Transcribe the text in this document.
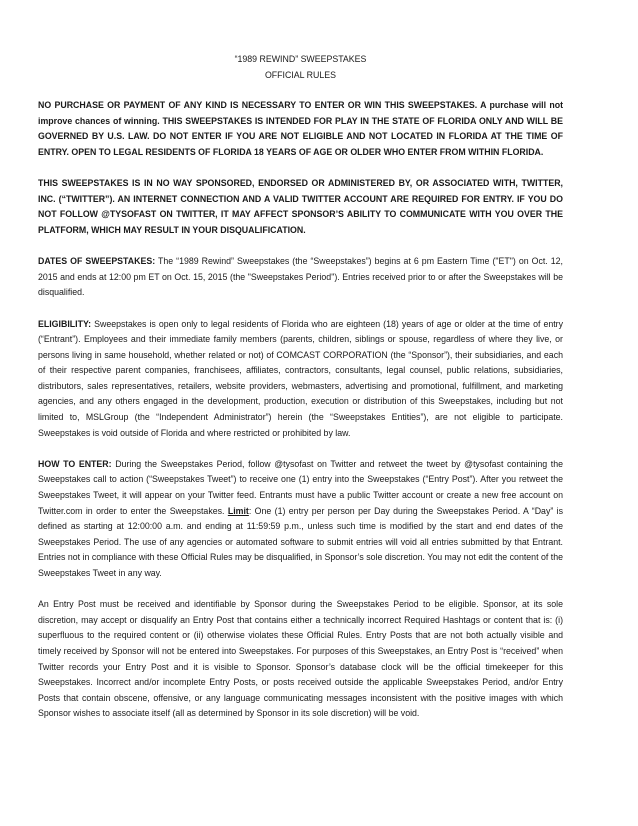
“1989 REWIND” SWEEPSTAKES

OFFICIAL RULES

NO PURCHASE OR PAYMENT OF ANY KIND IS NECESSARY TO ENTER OR WIN THIS SWEEPSTAKES. A purchase will not improve chances of winning. THIS SWEEPSTAKES IS INTENDED FOR PLAY IN THE STATE OF FLORIDA ONLY AND WILL BE GOVERNED BY U.S. LAW. DO NOT ENTER IF YOU ARE NOT ELIGIBLE AND NOT LOCATED IN FLORIDA AT THE TIME OF ENTRY. OPEN TO LEGAL RESIDENTS OF FLORIDA 18 YEARS OF AGE OR OLDER WHO ENTER FROM WITHIN FLORIDA.

THIS SWEEPSTAKES IS IN NO WAY SPONSORED, ENDORSED OR ADMINISTERED BY, OR ASSOCIATED WITH, TWITTER, INC. (“TWITTER”). AN INTERNET CONNECTION AND A VALID TWITTER ACCOUNT ARE REQUIRED FOR ENTRY. IF YOU DO NOT FOLLOW @TYSOFAST ON TWITTER, IT MAY AFFECT SPONSOR’S ABILITY TO COMMUNICATE WITH YOU OVER THE PLATFORM, WHICH MAY RESULT IN YOUR DISQUALIFICATION.

DATES OF SWEEPSTAKES: The “1989 Rewind” Sweepstakes (the “Sweepstakes”) begins at 6 pm Eastern Time ("ET") on Oct. 12, 2015 and ends at 12:00 pm ET on Oct. 15, 2015 (the "Sweepstakes Period"). Entries received prior to or after the Sweepstakes will be disqualified.

ELIGIBILITY: Sweepstakes is open only to legal residents of Florida who are eighteen (18) years of age or older at the time of entry (“Entrant”). Employees and their immediate family members (parents, children, siblings or spouse, regardless of where they live, or persons living in same household, whether related or not) of COMCAST CORPORATION (the “Sponsor”), their subsidiaries, and each of their respective parent companies, franchisees, affiliates, contractors, consultants, legal counsel, public relations, subsidiaries, distributors, sales representatives, retailers, website providers, webmasters, advertising and promotional, fulfillment, and marketing agencies, and any others engaged in the development, production, execution or distribution of this Sweepstakes, including but not limited to, MSLGroup (the “Independent Administrator”) herein (the “Sweepstakes Entities”), are not eligible to participate. Sweepstakes is void outside of Florida and where restricted or prohibited by law.

HOW TO ENTER: During the Sweepstakes Period, follow @tysofast on Twitter and retweet the tweet by @tysofast containing the Sweepstakes call to action (“Sweepstakes Tweet”) to receive one (1) entry into the Sweepstakes (“Entry Post”). After you retweet the Sweepstakes Tweet, it will appear on your Twitter feed. Entrants must have a public Twitter account or create a new free account on Twitter.com in order to enter the Sweepstakes. Limit: One (1) entry per person per Day during the Sweepstakes Period. A “Day” is defined as starting at 12:00:00 a.m. and ending at 11:59:59 p.m., unless such time is modified by the start and end dates of the Sweepstakes Period. The use of any agencies or automated software to submit entries will void all entries submitted by that Entrant. Entries not in compliance with these Official Rules may be disqualified, in Sponsor’s sole discretion. You may not edit the content of the Sweepstakes Tweet in any way.

An Entry Post must be received and identifiable by Sponsor during the Sweepstakes Period to be eligible. Sponsor, at its sole discretion, may accept or disqualify an Entry Post that contains either a technically incorrect Required Hashtags or content that is: (i) superfluous to the required content or (ii) otherwise violates these Official Rules. Entry Posts that are not both actually visible and timely received by Sponsor will not be entered into Sweepstakes. For purposes of this Sweepstakes, an Entry Post is “received” when Twitter records your Entry Post and it is visible to Sponsor. Sponsor’s database clock will be the official timekeeper for this Sweepstakes. Incorrect and/or incomplete Entry Posts, or posts received outside the applicable Sweepstakes Period, and/or Entry Posts that contain obscene, offensive, or any language communicating messages inconsistent with the positive images with which Sponsor wishes to associate itself (all as determined by Sponsor in its sole discretion) will be void.
